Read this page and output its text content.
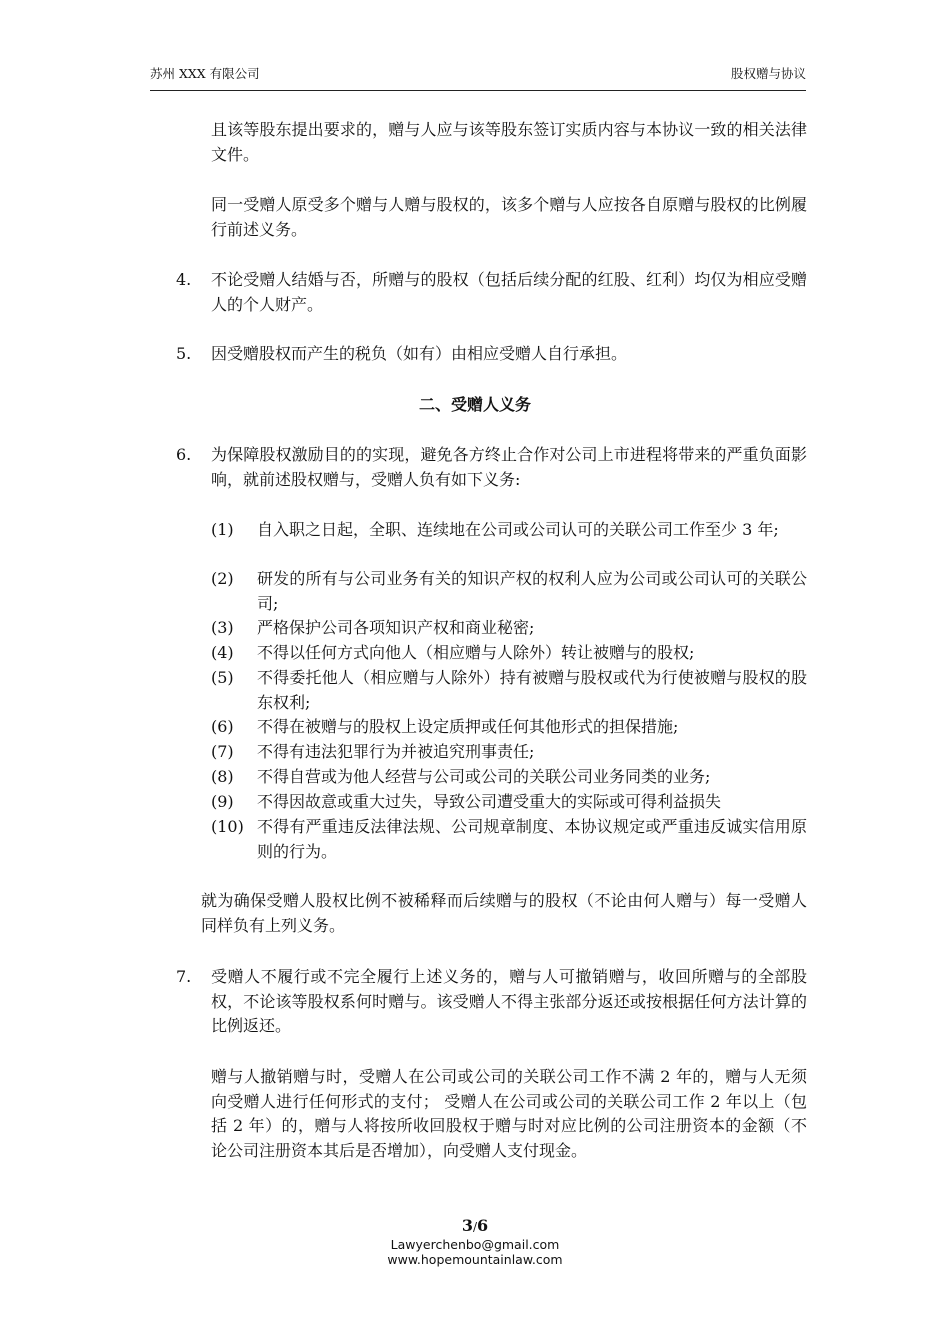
苏州 XXX 有限公司	股权赠与协议

且该等股东提出要求的，赠与人应与该等股东签订实质内容与本协议一致的相关法律文件。

同一受赠人原受多个赠与人赠与股权的，该多个赠与人应按各自原赠与股权的比例履行前述义务。

4. 不论受赠人结婚与否，所赠与的股权（包括后续分配的红股、红利）均仅为相应受赠人的个人财产。
5. 因受赠股权而产生的税负（如有）由相应受赠人自行承担。
二、受赠人义务
6. 为保障股权激励目的的实现，避免各方终止合作对公司上市进程将带来的严重负面影响，就前述股权赠与，受赠人负有如下义务:
(1) 自入职之日起，全职、连续地在公司或公司认可的关联公司工作至少 3 年;
(2) 研发的所有与公司业务有关的知识产权的权利人应为公司或公司认可的关联公司;
(3) 严格保护公司各项知识产权和商业秘密;
(4) 不得以任何方式向他人（相应赠与人除外）转让被赠与的股权;
(5) 不得委托他人（相应赠与人除外）持有被赠与股权或代为行使被赠与股权的股东权利;
(6) 不得在被赠与的股权上设定质押或任何其他形式的担保措施;
(7) 不得有违法犯罪行为并被追究刑事责任;
(8) 不得自营或为他人经营与公司或公司的关联公司业务同类的业务;
(9) 不得因故意或重大过失，导致公司遭受重大的实际或可得利益损失
(10) 不得有严重违反法律法规、公司规章制度、本协议规定或严重违反诚实信用原则的行为。

就为确保受赠人股权比例不被稀释而后续赠与的股权（不论由何人赠与）每一受赠人同样负有上列义务。

7. 受赠人不履行或不完全履行上述义务的，赠与人可撤销赠与，收回所赠与的全部股权，不论该等股权系何时赠与。该受赠人不得主张部分返还或按根据任何方法计算的比例返还。

赠与人撤销赠与时，受赠人在公司或公司的关联公司工作不满 2 年的，赠与人无须向受赠人进行任何形式的支付； 受赠人在公司或公司的关联公司工作 2 年以上（包括 2 年）的，赠与人将按所收回股权于赠与时对应比例的公司注册资本的金额（不论公司注册资本其后是否增加），向受赠人支付现金。

3/6
Lawyerchenbo@gmail.com
www.hopemountainlaw.com
